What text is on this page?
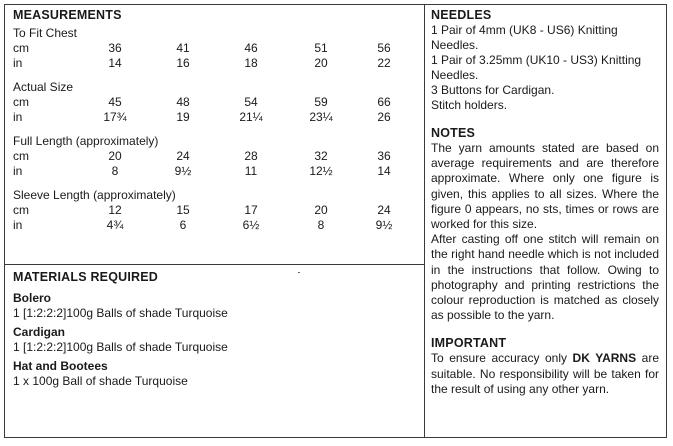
MEASUREMENTS
To Fit Chest
cm	36	41	46	51	56
in	14	16	18	20	22
Actual Size
cm	45	48	54	59	66
in	17¾	19	21¼	23¼	26
Full Length (approximately)
cm	20	24	28	32	36
in	8	9½	11	12½	14
Sleeve Length (approximately)
cm	12	15	17	20	24
in	4¾	6	6½	8	9½
MATERIALS REQUIRED
Bolero
1 [1:2:2:2]100g Balls of shade Turquoise
Cardigan
1 [1:2:2:2]100g Balls of shade Turquoise
Hat and Bootees
1 x 100g Ball of shade Turquoise
NEEDLES
1 Pair of 4mm (UK8 - US6) Knitting
Needles.
1 Pair of 3.25mm (UK10 - US3) Knitting
Needles.
3 Buttons for Cardigan.
Stitch holders.
NOTES
The yarn amounts stated are based on average requirements and are therefore approximate. Where only one figure is given, this applies to all sizes. Where the figure 0 appears, no sts, times or rows are worked for this size.
After casting off one stitch will remain on the right hand needle which is not included in the instructions that follow. Owing to photography and printing restrictions the colour reproduction is matched as closely as possible to the yarn.
IMPORTANT
To ensure accuracy only DK YARNS are suitable. No responsibility will be taken for the result of using any other yarn.
